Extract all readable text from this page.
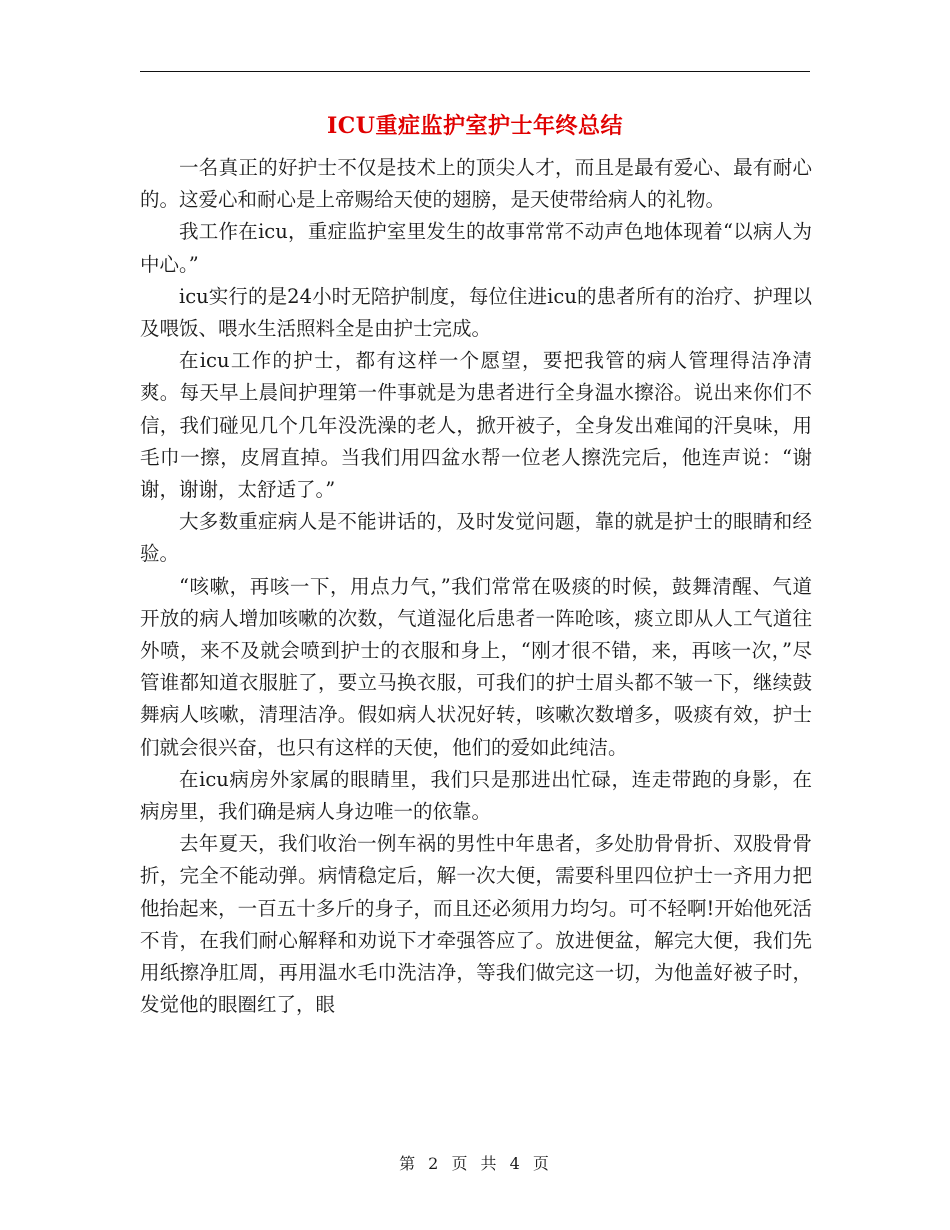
ICU重症监护室护士年终总结

一名真正的好护士不仅是技术上的顶尖人才，而且是最有爱心、最有耐心的。这爱心和耐心是上帝赐给天使的翅膀，是天使带给病人的礼物。

我工作在icu，重症监护室里发生的故事常常不动声色地体现着“以病人为中心。”

icu实行的是24小时无陪护制度，每位住进icu的患者所有的治疗、护理以及喂饭、喂水生活照料全是由护士完成。

在icu工作的护士，都有这样一个愿望，要把我管的病人管理得洁净清爽。每天早上晨间护理第一件事就是为患者进行全身温水擦浴。说出来你们不信，我们碰见几个几年没洗澡的老人，掀开被子，全身发出难闻的汗臭味，用毛巾一擦，皮屑直掉。当我们用四盆水帮一位老人擦洗完后，他连声说：“谢谢，谢谢，太舒适了。”

大多数重症病人是不能讲话的，及时发觉问题，靠的就是护士的眼睛和经验。

“咳嗽，再咳一下，用点力气，”我们常常在吸痰的时候，鼓舞清醒、气道开放的病人增加咳嗽的次数，气道湿化后患者一阵呛咳，痰立即从人工气道往外喷，来不及就会喷到护士的衣服和身上，“刚才很不错，来，再咳一次，”尽管谁都知道衣服脏了，要立马换衣服，可我们的护士眉头都不皱一下，继续鼓舞病人咳嗽，清理洁净。假如病人状况好转，咳嗽次数增多，吸痰有效，护士们就会很兴奋，也只有这样的天使，他们的爱如此纯洁。

在icu病房外家属的眼睛里，我们只是那进出忙碌，连走带跑的身影，在病房里，我们确是病人身边唯一的依靠。

去年夏天，我们收治一例车祸的男性中年患者，多处肋骨骨折、双股骨骨折，完全不能动弹。病情稳定后，解一次大便，需要科里四位护士一齐用力把他抬起来，一百五十多斤的身子，而且还必须用力均匀。可不轻啊!开始他死活不肯，在我们耐心解释和劝说下才牵强答应了。放进便盆，解完大便，我们先用纸擦净肛周，再用温水毛巾洗洁净，等我们做完这一切，为他盖好被子时，发觉他的眼圈红了，眼

第 2 页 共 4 页
